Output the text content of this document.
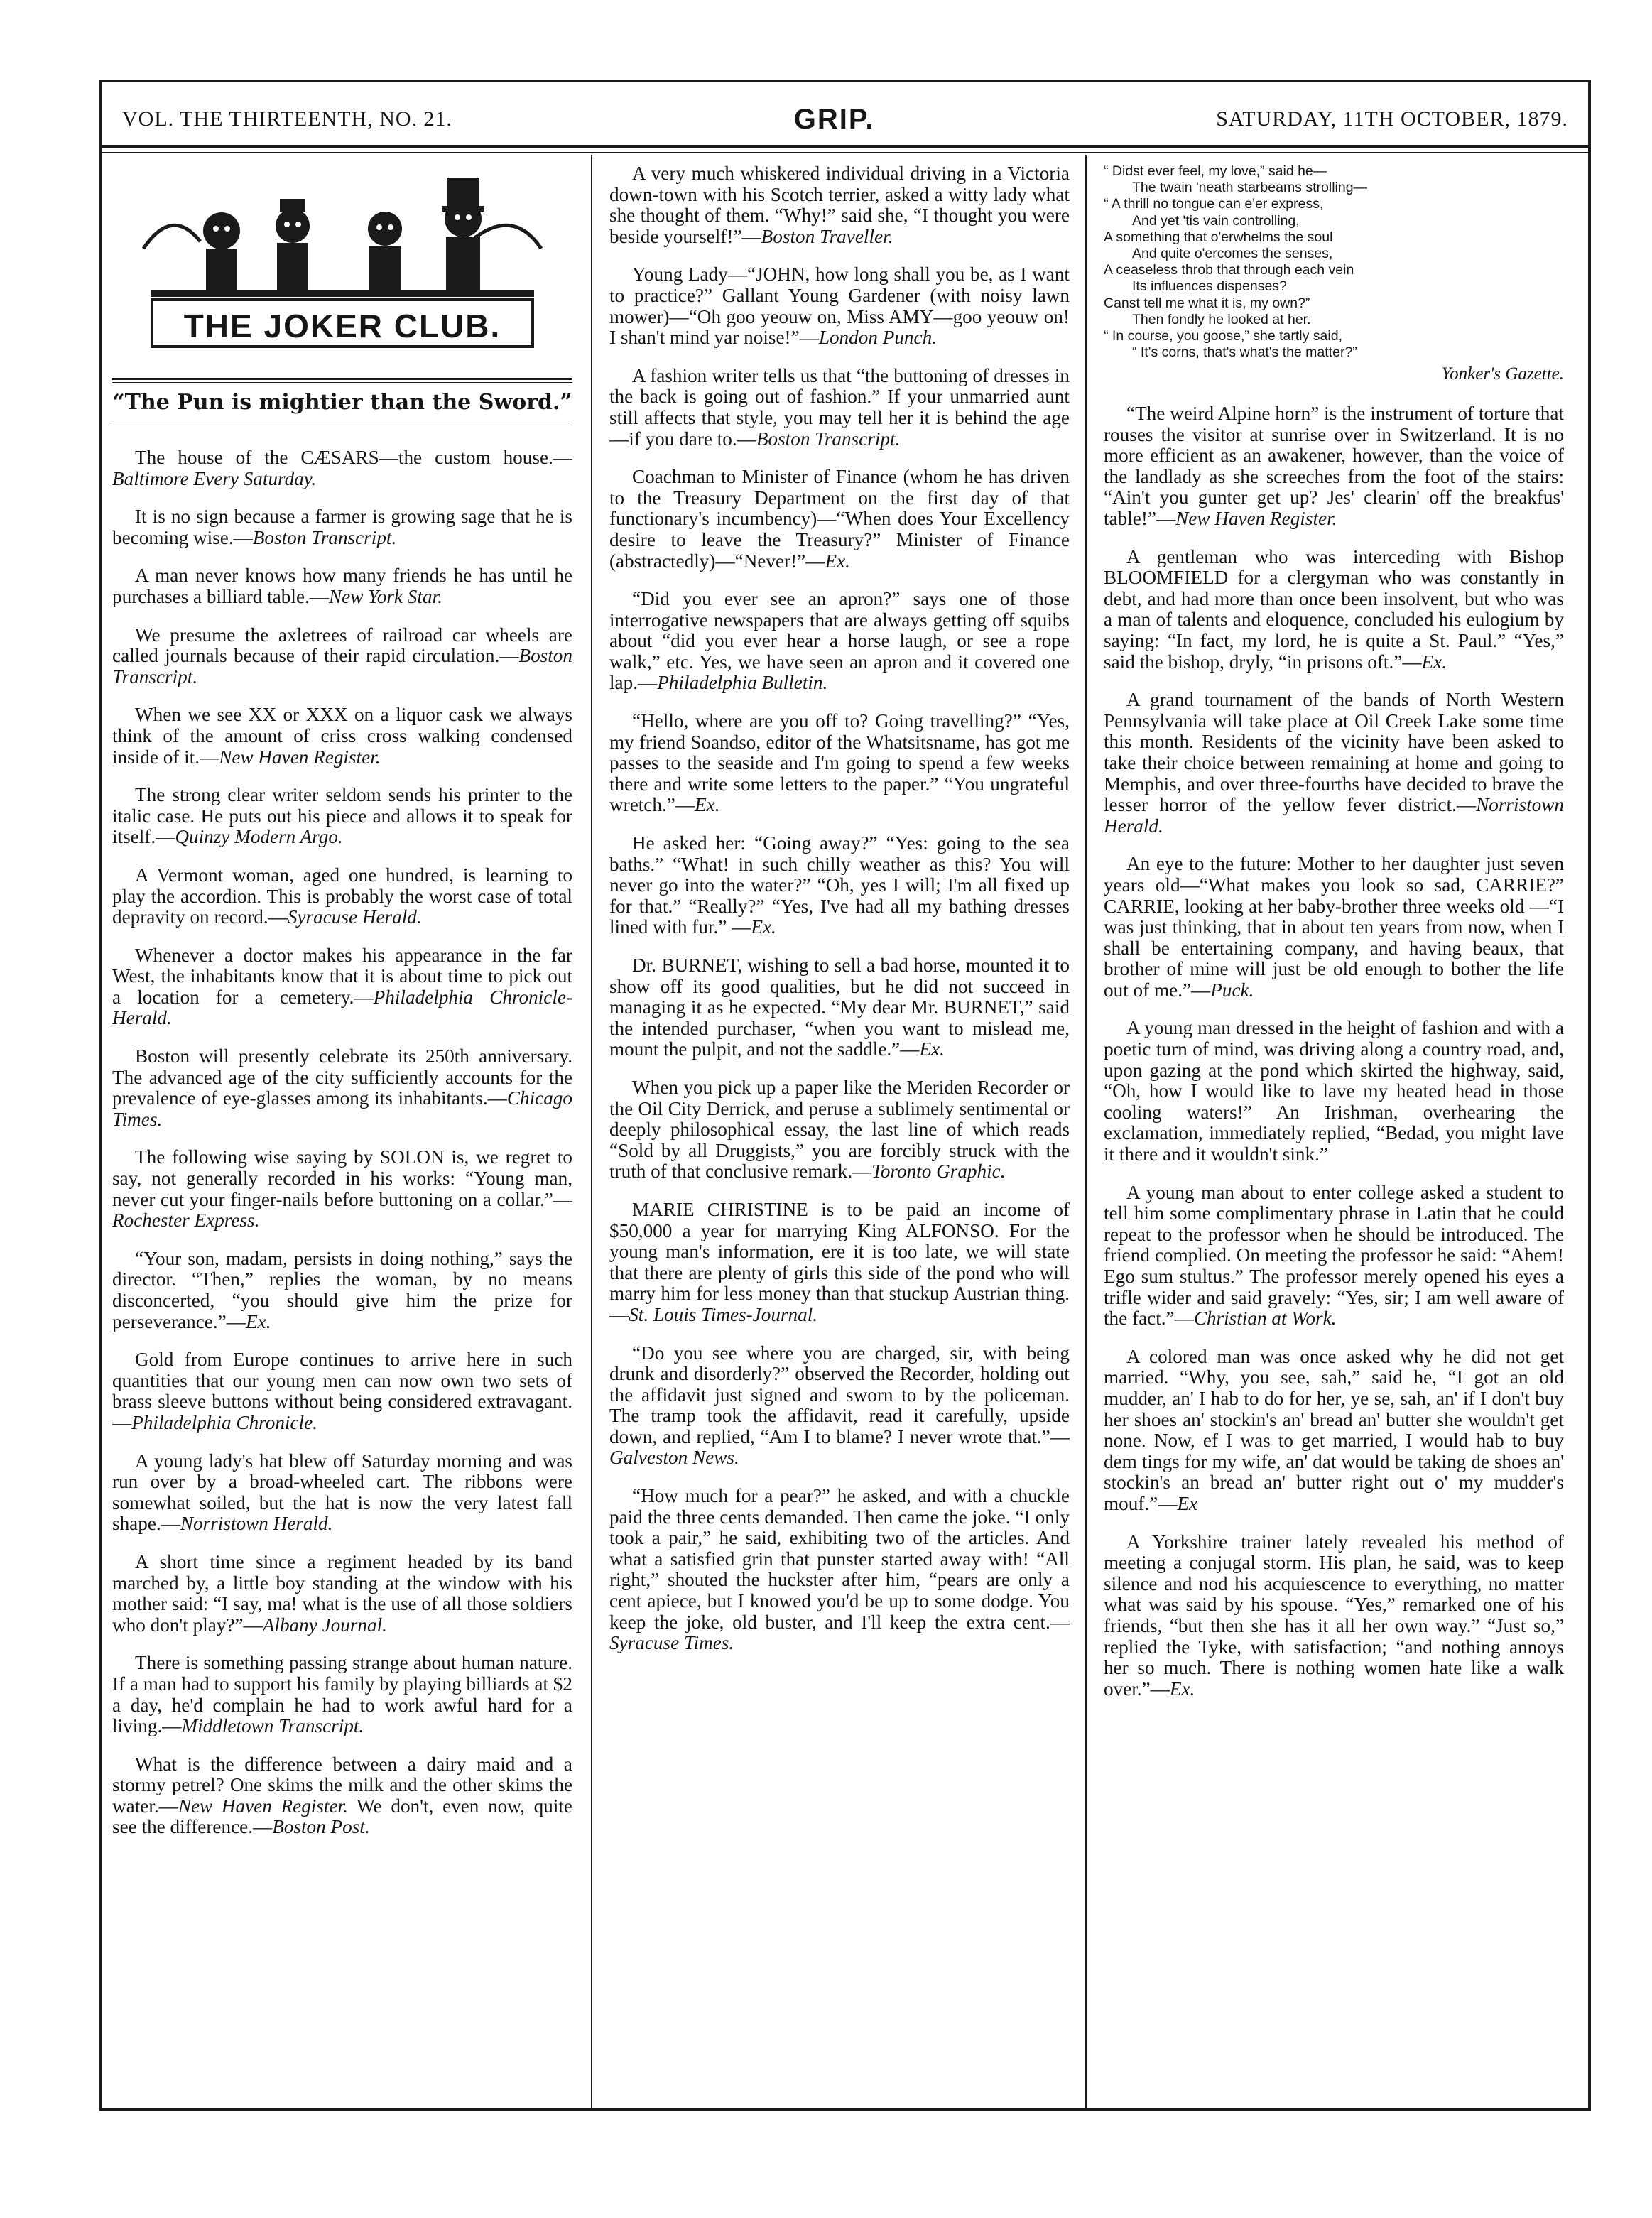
VOL. THE THIRTEENTH, NO. 21.	GRIP.	SATURDAY, 11TH OCTOBER, 1879.
THE JOKER CLUB.
“The Pun is mightier than the Sword.”

The house of the CÆSARS—the custom house.—Baltimore Every Saturday.

It is no sign because a farmer is growing sage that he is becoming wise.—Boston Transcript.

A man never knows how many friends he has until he purchases a billiard table.—New York Star.

We presume the axletrees of railroad car wheels are called journals because of their rapid circulation.—Boston Transcript.

When we see XX or XXX on a liquor cask we always think of the amount of criss cross walking condensed inside of it.—New Haven Register.

The strong clear writer seldom sends his printer to the italic case. He puts out his piece and allows it to speak for itself.—Quinzy Modern Argo.

A Vermont woman, aged one hundred, is learning to play the accordion. This is probably the worst case of total depravity on record.—Syracuse Herald.

Whenever a doctor makes his appearance in the far West, the inhabitants know that it is about time to pick out a location for a cemetery.—Philadelphia Chronicle-Herald.

Boston will presently celebrate its 250th anniversary. The advanced age of the city sufficiently accounts for the prevalence of eye-glasses among its inhabitants.—Chicago Times.

The following wise saying by SOLON is, we regret to say, not generally recorded in his works: “Young man, never cut your finger-nails before buttoning on a collar.”—Rochester Express.

“Your son, madam, persists in doing nothing,” says the director. “Then,” replies the woman, by no means disconcerted, “you should give him the prize for perseverance.”—Ex.

Gold from Europe continues to arrive here in such quantities that our young men can now own two sets of brass sleeve buttons without being considered extravagant.—Philadelphia Chronicle.

A young lady's hat blew off Saturday morning and was run over by a broad-wheeled cart. The ribbons were somewhat soiled, but the hat is now the very latest fall shape.—Norristown Herald.

A short time since a regiment headed by its band marched by, a little boy standing at the window with his mother said: “I say, ma! what is the use of all those soldiers who don't play?”—Albany Journal.

There is something passing strange about human nature. If a man had to support his family by playing billiards at $2 a day, he'd complain he had to work awful hard for a living.—Middletown Transcript.

What is the difference between a dairy maid and a stormy petrel? One skims the milk and the other skims the water.—New Haven Register. We don't, even now, quite see the difference.—Boston Post.

A very much whiskered individual driving in a Victoria down-town with his Scotch terrier, asked a witty lady what she thought of them. “Why!” said she, “I thought you were beside yourself!”—Boston Traveller.

Young Lady—“JOHN, how long shall you be, as I want to practice?” Gallant Young Gardener (with noisy lawn mower)—“Oh goo yeouw on, Miss AMY—goo yeouw on! I shan't mind yar noise!”—London Punch.

A fashion writer tells us that “the buttoning of dresses in the back is going out of fashion.” If your unmarried aunt still affects that style, you may tell her it is behind the age—if you dare to.—Boston Transcript.

Coachman to Minister of Finance (whom he has driven to the Treasury Department on the first day of that functionary's incumbency)—“When does Your Excellency desire to leave the Treasury?” Minister of Finance (abstractedly)—“Never!”—Ex.

“Did you ever see an apron?” says one of those interrogative newspapers that are always getting off squibs about “did you ever hear a horse laugh, or see a rope walk,” etc. Yes, we have seen an apron and it covered one lap.—Philadelphia Bulletin.

“Hello, where are you off to? Going travelling?” “Yes, my friend Soandso, editor of the Whatsitsname, has got me passes to the seaside and I'm going to spend a few weeks there and write some letters to the paper.” “You ungrateful wretch.”—Ex.

He asked her: “Going away?” “Yes: going to the sea baths.” “What! in such chilly weather as this? You will never go into the water?” “Oh, yes I will; I'm all fixed up for that.” “Really?” “Yes, I've had all my bathing dresses lined with fur.” —Ex.

Dr. BURNET, wishing to sell a bad horse, mounted it to show off its good qualities, but he did not succeed in managing it as he expected. “My dear Mr. BURNET,” said the intended purchaser, “when you want to mislead me, mount the pulpit, and not the saddle.”—Ex.

When you pick up a paper like the Meriden Recorder or the Oil City Derrick, and peruse a sublimely sentimental or deeply philosophical essay, the last line of which reads “Sold by all Druggists,” you are forcibly struck with the truth of that conclusive remark.—Toronto Graphic.

MARIE CHRISTINE is to be paid an income of $50,000 a year for marrying King ALFONSO. For the young man's information, ere it is too late, we will state that there are plenty of girls this side of the pond who will marry him for less money than that stuckup Austrian thing.—St. Louis Times-Journal.

“Do you see where you are charged, sir, with being drunk and disorderly?” observed the Recorder, holding out the affidavit just signed and sworn to by the policeman. The tramp took the affidavit, read it carefully, upside down, and replied, “Am I to blame? I never wrote that.”—Galveston News.

“How much for a pear?” he asked, and with a chuckle paid the three cents demanded. Then came the joke. “I only took a pair,” he said, exhibiting two of the articles. And what a satisfied grin that punster started away with! “All right,” shouted the huckster after him, “pears are only a cent apiece, but I knowed you'd be up to some dodge. You keep the joke, old buster, and I'll keep the extra cent.—Syracuse Times.

“ Didst ever feel, my love,” said he—
The twain 'neath starbeams strolling—
“ A thrill no tongue can e'er express,
And yet 'tis vain controlling,
A something that o'erwhelms the soul
And quite o'ercomes the senses,
A ceaseless throb that through each vein
Its influences dispenses?
Canst tell me what it is, my own?”
Then fondly he looked at her.
“ In course, you goose,” she tartly said,
“ It's corns, that's what's the matter?”
Yonker's Gazette.

“The weird Alpine horn” is the instrument of torture that rouses the visitor at sunrise over in Switzerland. It is no more efficient as an awakener, however, than the voice of the landlady as she screeches from the foot of the stairs: “Ain't you gunter get up? Jes' clearin' off the breakfus' table!”—New Haven Register.

A gentleman who was interceding with Bishop BLOOMFIELD for a clergyman who was constantly in debt, and had more than once been insolvent, but who was a man of talents and eloquence, concluded his eulogium by saying: “In fact, my lord, he is quite a St. Paul.” “Yes,” said the bishop, dryly, “in prisons oft.”—Ex.

A grand tournament of the bands of North Western Pennsylvania will take place at Oil Creek Lake some time this month. Residents of the vicinity have been asked to take their choice between remaining at home and going to Memphis, and over three-fourths have decided to brave the lesser horror of the yellow fever district.—Norristown Herald.

An eye to the future: Mother to her daughter just seven years old—“What makes you look so sad, CARRIE?” CARRIE, looking at her baby-brother three weeks old —“I was just thinking, that in about ten years from now, when I shall be entertaining company, and having beaux, that brother of mine will just be old enough to bother the life out of me.”—Puck.

A young man dressed in the height of fashion and with a poetic turn of mind, was driving along a country road, and, upon gazing at the pond which skirted the highway, said, “Oh, how I would like to lave my heated head in those cooling waters!” An Irishman, overhearing the exclamation, immediately replied, “Bedad, you might lave it there and it wouldn't sink.”

A young man about to enter college asked a student to tell him some complimentary phrase in Latin that he could repeat to the professor when he should be introduced. The friend complied. On meeting the professor he said: “Ahem! Ego sum stultus.” The professor merely opened his eyes a trifle wider and said gravely: “Yes, sir; I am well aware of the fact.”—Christian at Work.

A colored man was once asked why he did not get married. “Why, you see, sah,” said he, “I got an old mudder, an' I hab to do for her, ye se, sah, an' if I don't buy her shoes an' stockin's an' bread an' butter she wouldn't get none. Now, ef I was to get married, I would hab to buy dem tings for my wife, an' dat would be taking de shoes an' stockin's an bread an' butter right out o' my mudder's mouf.”—Ex

A Yorkshire trainer lately revealed his method of meeting a conjugal storm. His plan, he said, was to keep silence and nod his acquiescence to everything, no matter what was said by his spouse. “Yes,” remarked one of his friends, “but then she has it all her own way.” “Just so,” replied the Tyke, with satisfaction; “and nothing annoys her so much. There is nothing women hate like a walk over.”—Ex.
